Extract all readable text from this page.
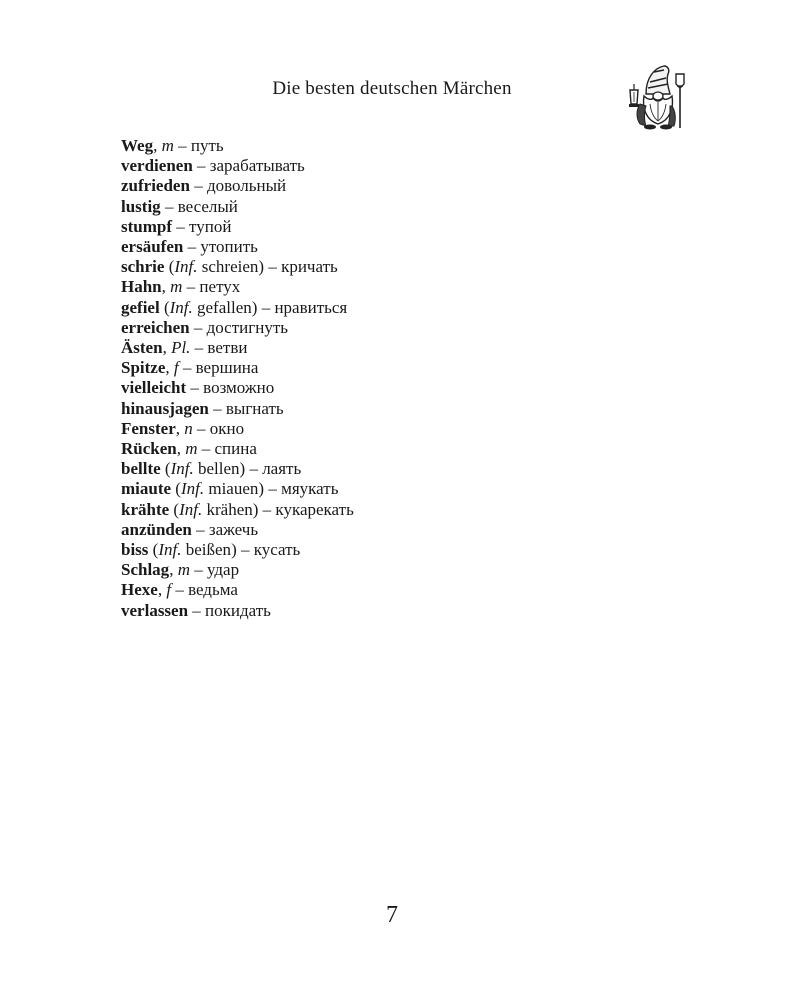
Die besten deutschen Märchen
Weg, m – путь
verdienen – зарабатывать
zufrieden – довольный
lustig – веселый
stumpf – тупой
ersäufen – утопить
schrie (Inf. schreien) – кричать
Hahn, m – петух
gefiel (Inf. gefallen) – нравиться
erreichen – достигнуть
Ästen, Pl. – ветви
Spitze, f – вершина
vielleicht – возможно
hinausjagen – выгнать
Fenster, n – окно
Rücken, m – спина
bellte (Inf. bellen) – лаять
miaute (Inf. miauen) – мяукать
krähte (Inf. krähen) – кукарекать
anzünden – зажечь
biss (Inf. beißen) – кусать
Schlag, m – удар
Hexe, f – ведьма
verlassen – покидать
7
